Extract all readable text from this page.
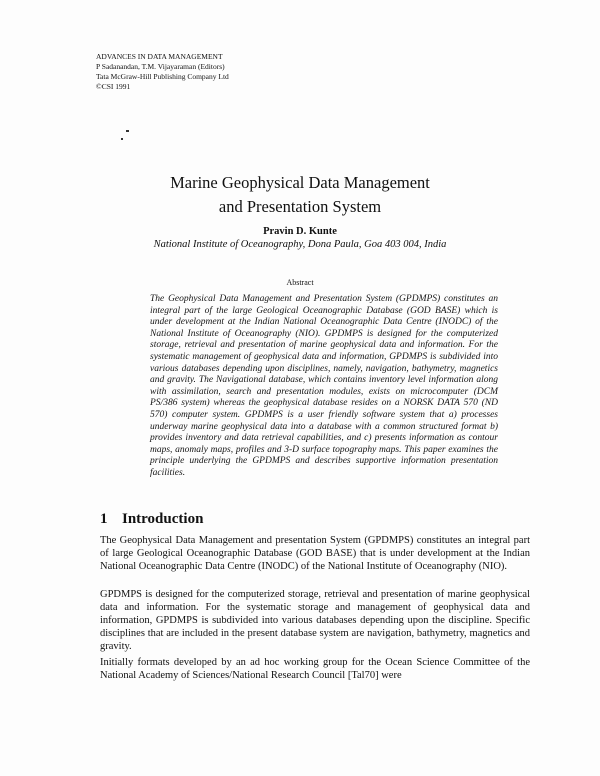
ADVANCES IN DATA MANAGEMENT
P Sadanandan, T.M. Vijayaraman (Editors)
Tata McGraw-Hill Publishing Company Ltd
©CSI 1991
Marine Geophysical Data Management
and Presentation System
Pravin D. Kunte
National Institute of Oceanography, Dona Paula, Goa 403 004, India
Abstract

The Geophysical Data Management and Presentation System (GPDMPS) constitutes an integral part of the large Geological Oceanographic Database (GOD BASE) which is under development at the Indian National Oceanographic Data Centre (INODC) of the National Institute of Oceanography (NIO). GPDMPS is designed for the computerized storage, retrieval and presentation of marine geophysical data and information. For the systematic management of geophysical data and information, GPDMPS is subdivided into various databases depending upon disciplines, namely, navigation, bathymetry, magnetics and gravity. The Navigational database, which contains inventory level information along with assimilation, search and presentation modules, exists on microcomputer (DCM PS/386 system) whereas the geophysical database resides on a NORSK DATA 570 (ND 570) computer system. GPDMPS is a user friendly software system that a) processes underway marine geophysical data into a database with a common structured format b) provides inventory and data retrieval capabilities, and c) presents information as contour maps, anomaly maps, profiles and 3-D surface topography maps. This paper examines the principle underlying the GPDMPS and describes supportive information presentation facilities.

1 Introduction

The Geophysical Data Management and presentation System (GPDMPS) constitutes an integral part of large Geological Oceanographic Database (GOD BASE) that is under development at the Indian National Oceanographic Data Centre (INODC) of the National Institute of Oceanography (NIO).

GPDMPS is designed for the computerized storage, retrieval and presentation of marine geophysical data and information. For the systematic storage and management of geophysical data and information, GPDMPS is subdivided into various databases depending upon the discipline. Specific disciplines that are included in the present database system are navigation, bathymetry, magnetics and gravity.

Initially formats developed by an ad hoc working group for the Ocean Science Committee of the National Academy of Sciences/National Research Council [Tal70] were
